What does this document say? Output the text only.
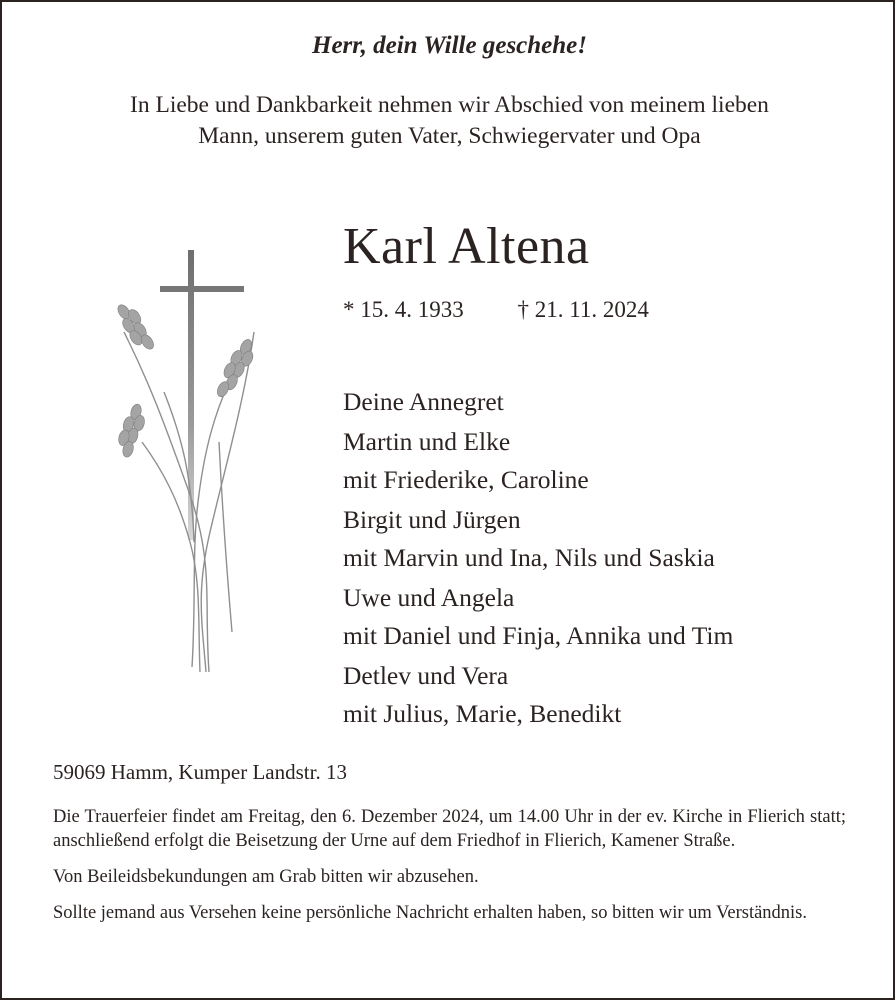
Herr, dein Wille geschehe!
In Liebe und Dankbarkeit nehmen wir Abschied von meinem lieben
Mann, unserem guten Vater, Schwiegervater und Opa
Karl Altena
* 15. 4. 1933 † 21. 11. 2024
Deine Annegret
Martin und Elke
mit Friederike, Caroline
Birgit und Jürgen
mit Marvin und Ina, Nils und Saskia
Uwe und Angela
mit Daniel und Finja, Annika und Tim
Detlev und Vera
mit Julius, Marie, Benedikt
59069 Hamm, Kumper Landstr. 13

Die Trauerfeier findet am Freitag, den 6. Dezember 2024, um 14.00 Uhr in der ev. Kirche in Flierich statt; anschließend erfolgt die Beisetzung der Urne auf dem Friedhof in Flierich, Kamener Straße.

Von Beileidsbekundungen am Grab bitten wir abzusehen.

Sollte jemand aus Versehen keine persönliche Nachricht erhalten haben, so bitten wir um Verständnis.
